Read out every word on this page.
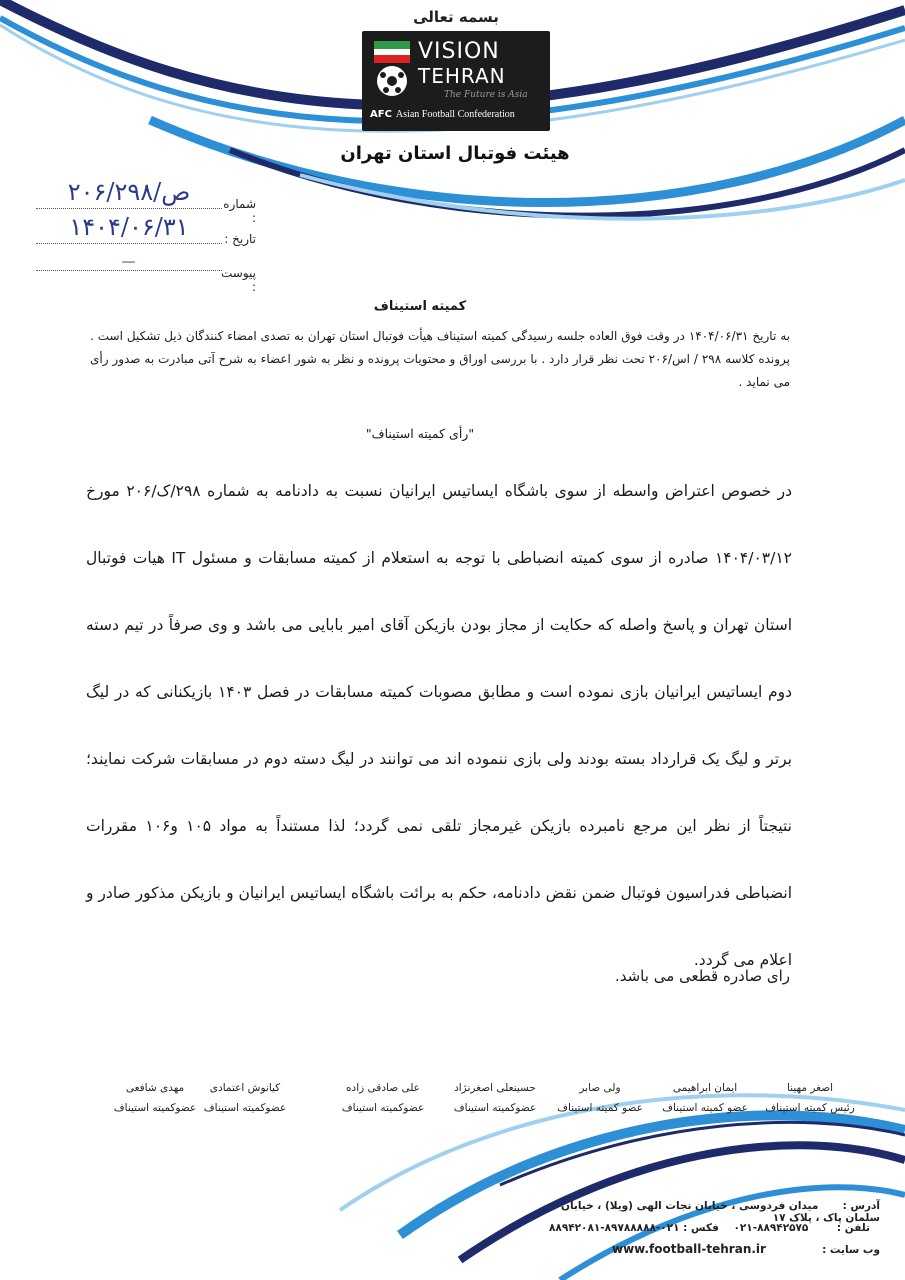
بسمه تعالی
VISION
TEHRAN
The Future is Asia
AFC Asian Football Confederation
هیئت فوتبال استان تهران
شماره :
۲۰۶/ص/۲۹۸
تاریخ :
۱۴۰۴/۰۶/۳۱
پیوست :
—
کمیته استیناف
به تاریخ ۱۴۰۴/۰۶/۳۱ در وقت فوق العاده جلسه رسیدگی کمیته استیناف هیأت فوتبال استان تهران به تصدی امضاء کنندگان ذیل تشکیل است . پرونده کلاسه ۲۹۸ / اس/۲۰۶ تحت نظر قرار دارد . با بررسی اوراق و محتویات پرونده و نظر به شور اعضاء به شرح آتی مبادرت به صدور رأی می نماید .
"رأی کمیته استیناف"
در خصوص اعتراض واسطه از سوی باشگاه ایساتیس ایرانیان نسبت به دادنامه به شماره ۲۹۸/ک/۲۰۶ مورخ ۱۴۰۴/۰۳/۱۲ صادره از سوی کمیته انضباطی با توجه به استعلام از کمیته مسابقات و مسئول IT هیات فوتبال استان تهران و پاسخ واصله که حکایت از مجاز بودن بازیکن آقای امیر بابایی می باشد و وی صرفاً در تیم دسته دوم ایساتیس ایرانیان بازی نموده است و مطابق مصوبات کمیته مسابقات در فصل ۱۴۰۳ بازیکنانی که در لیگ برتر و لیگ یک قرارداد بسته بودند ولی بازی ننموده اند می توانند در لیگ دسته دوم در مسابقات شرکت نمایند؛ نتیجتاً از نظر این مرجع نامبرده بازیکن غیرمجاز تلقی نمی گردد؛ لذا مستنداً به مواد ۱۰۵ و۱۰۶ مقررات انضباطی فدراسیون فوتبال ضمن نقض دادنامه، حکم به برائت باشگاه ایساتیس ایرانیان و بازیکن مذکور صادر و اعلام می گردد.
رای صادره قطعی می باشد.
اصغر مهینا
رئیس کمیته استیناف
ایمان ابراهیمی
عضو کمیته استیناف
ولی صابر
عضو کمیته استیناف
حسینعلی اصغرنژاد
عضوکمیته استیناف
علی صادقی زاده
عضوکمیته استیناف
کیانوش اعتمادی
عضوکمیته استیناف
مهدی شافعی
عضوکمیته استیناف
آدرس : میدان فردوسی ، خیابان نجات الهی (ویلا) ، خیابان سلمان پاک ، پلاک ۱۷
تلفن : ۰۲۱-۸۸۹۴۲۵۷۵    فکس : ۰۲۱-۸۹۷۸۸۸۸۸-۸۸۹۴۲۰۸۱
وب سایت :
www.football-tehran.ir
